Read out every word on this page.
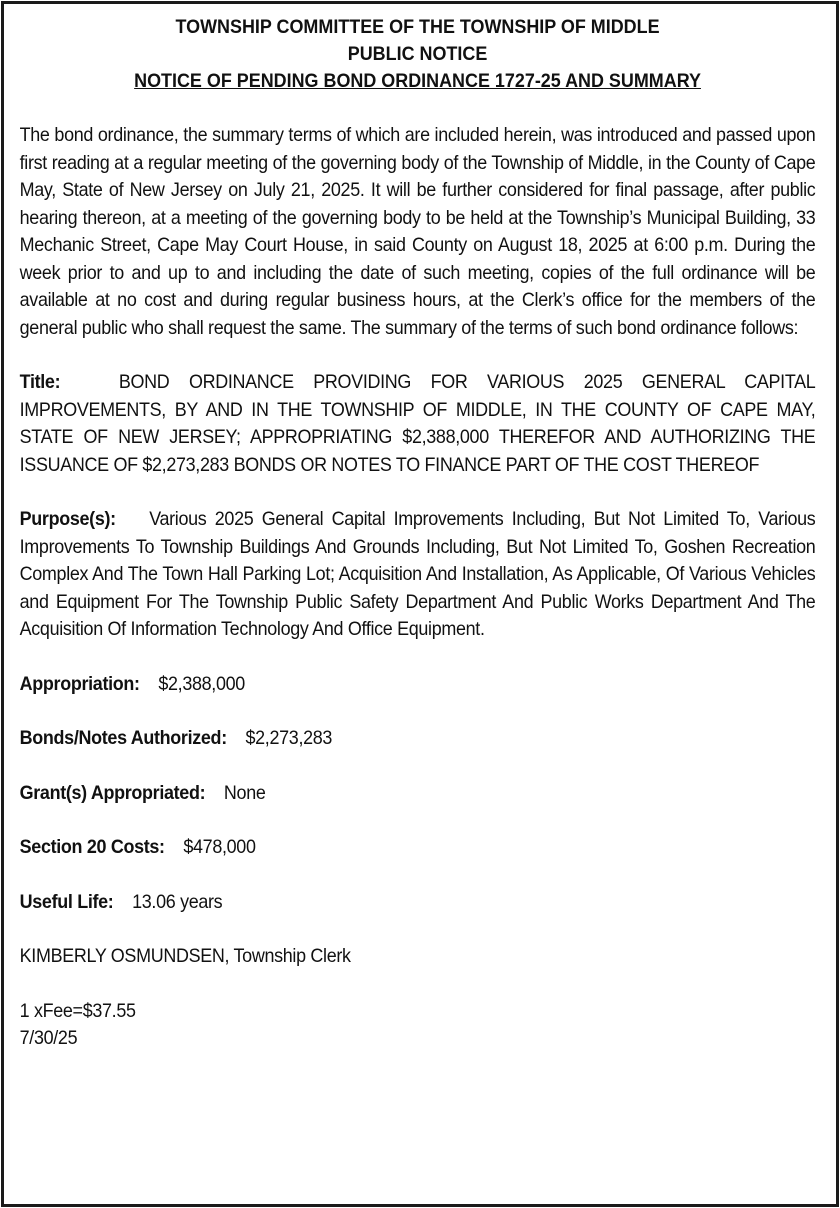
TOWNSHIP COMMITTEE OF THE TOWNSHIP OF MIDDLE
PUBLIC NOTICE
NOTICE OF PENDING BOND ORDINANCE 1727-25 AND SUMMARY

The bond ordinance, the summary terms of which are included herein, was introduced and passed upon first reading at a regular meeting of the governing body of the Township of Middle, in the County of Cape May, State of New Jersey on July 21, 2025. It will be further considered for final passage, after public hearing thereon, at a meeting of the governing body to be held at the Township’s Municipal Building, 33 Mechanic Street, Cape May Court House, in said County on August 18, 2025 at 6:00 p.m. During the week prior to and up to and including the date of such meeting, copies of the full ordinance will be available at no cost and during regular business hours, at the Clerk’s office for the members of the general public who shall request the same. The summary of the terms of such bond ordinance follows:

Title:	BOND ORDINANCE PROVIDING FOR VARIOUS 2025 GENERAL CAPITAL IMPROVEMENTS, BY AND IN THE TOWNSHIP OF MIDDLE, IN THE COUNTY OF CAPE MAY, STATE OF NEW JERSEY; APPROPRIATING $2,388,000 THEREFOR AND AUTHORIZING THE ISSUANCE OF $2,273,283 BONDS OR NOTES TO FINANCE PART OF THE COST THEREOF

Purpose(s): Various 2025 General Capital Improvements Including, But Not Limited To, Various Improvements To Township Buildings And Grounds Including, But Not Limited To, Goshen Recreation Complex And The Town Hall Parking Lot; Acquisition And Installation, As Applicable, Of Various Vehicles and Equipment For The Township Public Safety Department And Public Works Department And The Acquisition Of Information Technology And Office Equipment.

Appropriation: $2,388,000
Bonds/Notes Authorized: $2,273,283
Grant(s) Appropriated: None
Section 20 Costs: $478,000
Useful Life: 13.06 years
KIMBERLY OSMUNDSEN, Township Clerk
1 xFee=$37.55
7/30/25
